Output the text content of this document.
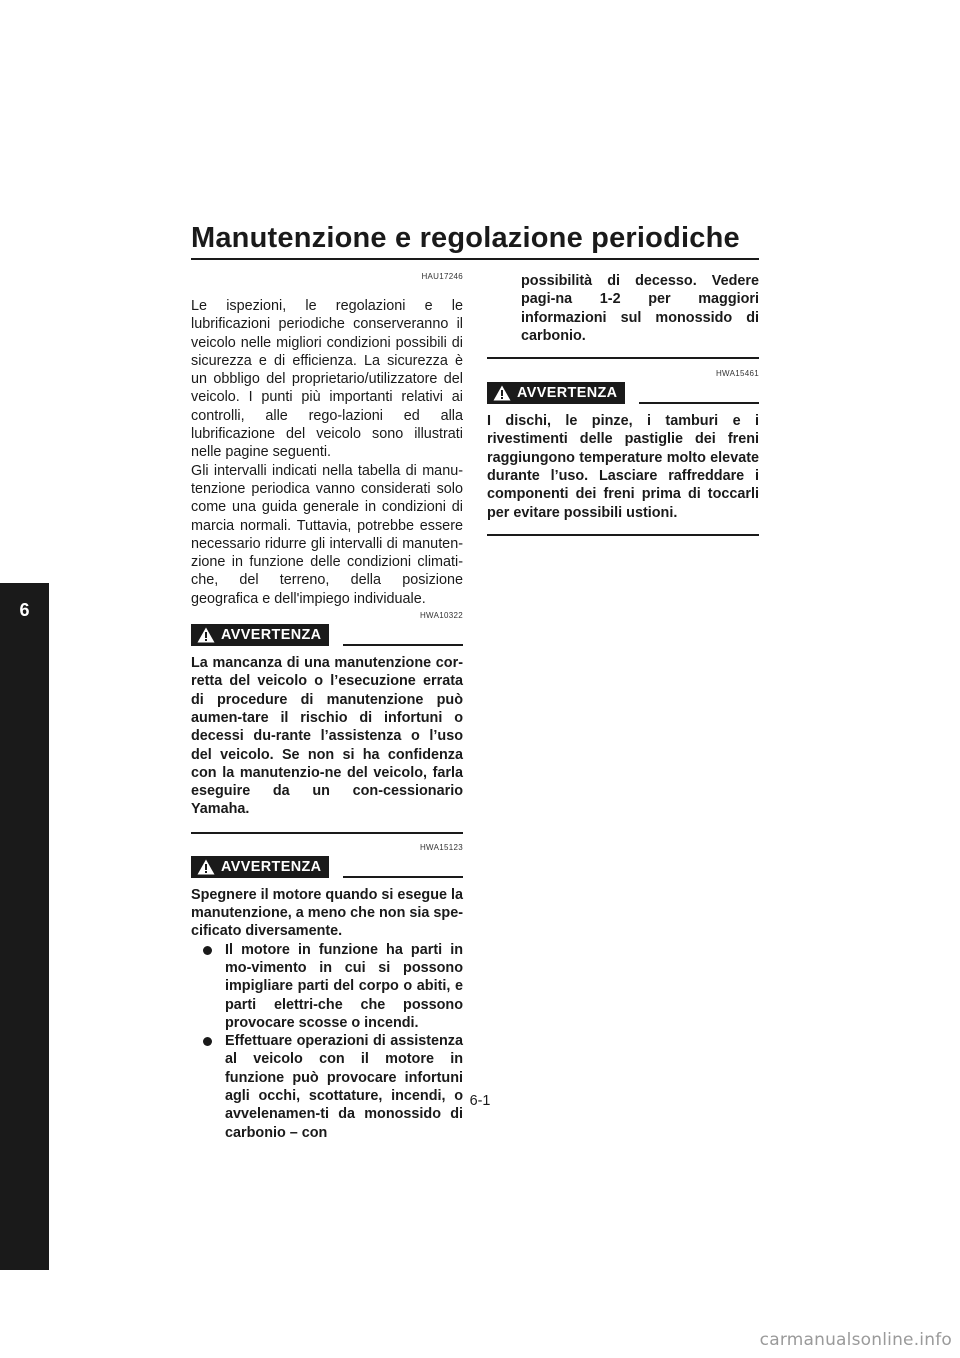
Manutenzione e regolazione periodiche
6
HAU17246

Le ispezioni, le regolazioni e le lubrificazioni periodiche conserveranno il veicolo nelle migliori condizioni possibili di sicurezza e di efficienza. La sicurezza è un obbligo del proprietario/utilizzatore del veicolo. I punti più importanti relativi ai controlli, alle rego-lazioni ed alla lubrificazione del veicolo sono illustrati nelle pagine seguenti.

Gli intervalli indicati nella tabella di manu-tenzione periodica vanno considerati solo come una guida generale in condizioni di marcia normali. Tuttavia, potrebbe essere necessario ridurre gli intervalli di manuten-zione in funzione delle condizioni climati-che, del terreno, della posizione geografica e dell'impiego individuale.

HWA10322
AVVERTENZA

La mancanza di una manutenzione cor-retta del veicolo o l’esecuzione errata di procedure di manutenzione può aumen-tare il rischio di infortuni o decessi du-rante l’assistenza o l’uso del veicolo. Se non si ha confidenza con la manutenzio-ne del veicolo, farla eseguire da un con-cessionario Yamaha.

HWA15123
AVVERTENZA

Spegnere il motore quando si esegue la manutenzione, a meno che non sia spe-cificato diversamente.

Il motore in funzione ha parti in mo-vimento in cui si possono impigliare parti del corpo o abiti, e parti elettri-che che possono provocare scosse o incendi.
Effettuare operazioni di assistenza al veicolo con il motore in funzione può provocare infortuni agli occhi, scottature, incendi, o avvelenamen-ti da monossido di carbonio – con

possibilità di decesso. Vedere pagi-na 1-2 per maggiori informazioni sul monossido di carbonio.

HWA15461
AVVERTENZA

I dischi, le pinze, i tamburi e i rivestimenti delle pastiglie dei freni raggiungono temperature molto elevate durante l’uso. Lasciare raffreddare i componenti dei freni prima di toccarli per evitare possibili ustioni.

6-1
carmanualsonline.info
